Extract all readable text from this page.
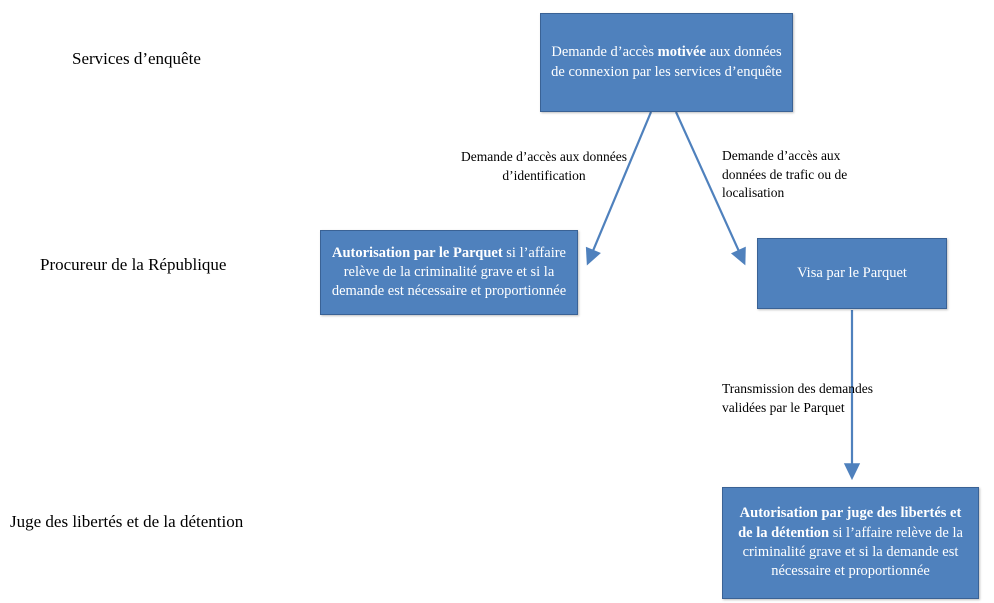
Services d’enquête
Procureur de la République
Juge des libertés et de la détention
Demande d’accès motivée aux données de connexion par les services d’enquête
Autorisation par le Parquet si l’affaire relève de la criminalité grave et si la demande est nécessaire et proportionnée
Visa par le Parquet
Autorisation par juge des libertés et de la détention si l’affaire relève de la criminalité grave et si la demande est nécessaire et proportionnée
Demande d’accès aux données d’identification
Demande d’accès aux données de trafic ou de localisation
Transmission des demandes validées par le Parquet
